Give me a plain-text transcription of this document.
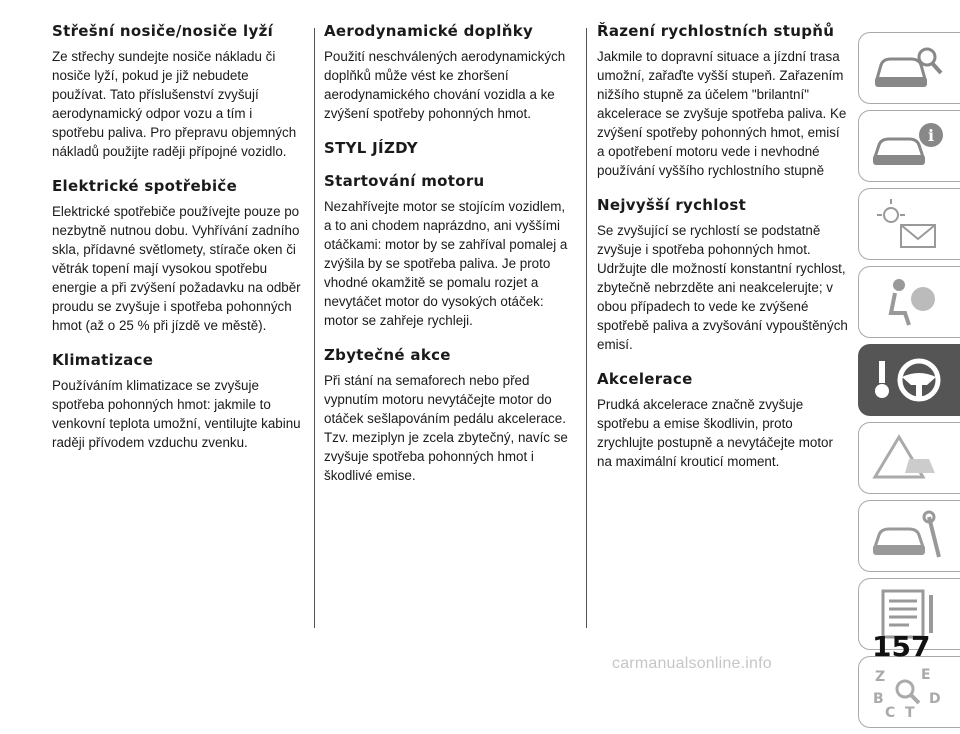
Střešní nosiče/nosiče lyží

Ze střechy sundejte nosiče nákladu či nosiče lyží, pokud je již nebudete používat. Tato příslušenství zvyšují aerodynamický odpor vozu a tím i spotřebu paliva. Pro přepravu objemných nákladů použijte raději přípojné vozidlo.

Elektrické spotřebiče

Elektrické spotřebiče používejte pouze po nezbytně nutnou dobu. Vyhřívání zadního skla, přídavné světlomety, stírače oken či větrák topení mají vysokou spotřebu energie a při zvýšení požadavku na odběr proudu se zvyšuje i spotřeba pohonných hmot (až o 25 % při jízdě ve městě).

Klimatizace

Používáním klimatizace se zvyšuje spotřeba pohonných hmot: jakmile to venkovní teplota umožní, ventilujte kabinu raději přívodem vzduchu zvenku.

Aerodynamické doplňky

Použití neschválených aerodynamických doplňků může vést ke zhoršení aerodynamického chování vozidla a ke zvýšení spotřeby pohonných hmot.

STYL JÍZDY
Startování motoru

Nezahřívejte motor se stojícím vozidlem, a to ani chodem naprázdno, ani vyššími otáčkami: motor by se zahříval pomalej a zvýšila by se spotřeba paliva. Je proto vhodné okamžitě se pomalu rozjet a nevytáčet motor do vysokých otáček: motor se zahřeje rychleji.

Zbytečné akce

Při stání na semaforech nebo před vypnutím motoru nevytáčejte motor do otáček sešlapováním pedálu akcelerace. Tzv. meziplyn je zcela zbytečný, navíc se zvyšuje spotřeba pohonných hmot i škodlivé emise.

Řazení rychlostních stupňů

Jakmile to dopravní situace a jízdní trasa umožní, zařaďte vyšší stupeň. Zařazením nižšího stupně za účelem "brilantní" akcelerace se zvyšuje spotřeba paliva. Ke zvýšení spotřeby pohonných hmot, emisí a opotřebení motoru vede i nevhodné používání vyššího rychlostního stupně

Nejvyšší rychlost

Se zvyšující se rychlostí se podstatně zvyšuje i spotřeba pohonných hmot. Udržujte dle možností konstantní rychlost, zbytečně nebrzděte ani neakcelerujte; v obou případech to vede ke zvýšené spotřebě paliva a zvyšování vypouštěných emisí.

Akcelerace

Prudká akcelerace značně zvyšuje spotřebu a emise škodlivin, proto zrychlujte postupně a nevytáčejte motor na maximální krouticí moment.

i
Z	E
B	D
C T
157
carmanualsonline.info
